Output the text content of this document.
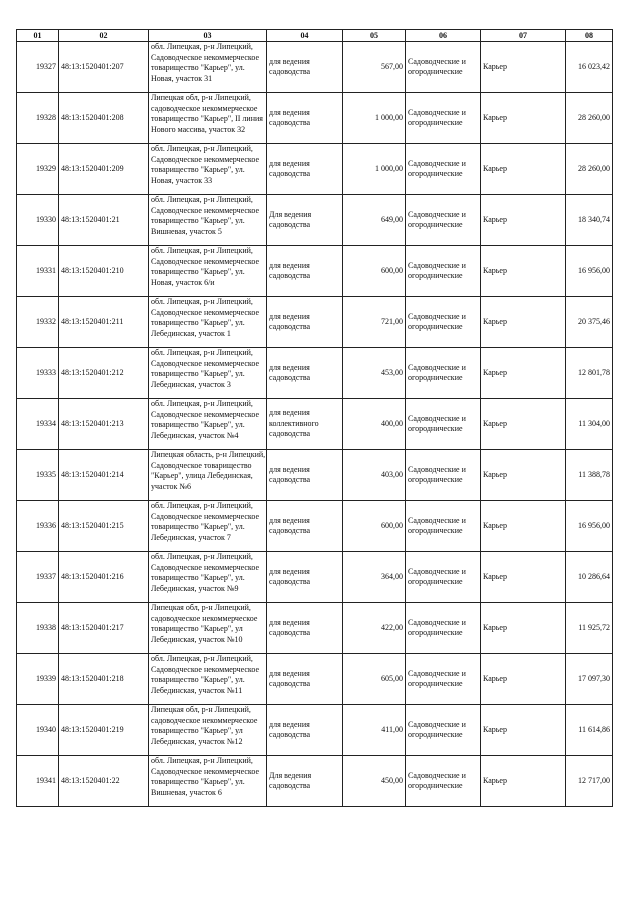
01	02	03	04	05	06	07	08
19327	48:13:1520401:207	обл. Липецкая, р-н Липецкий, Садоводческое некоммерческое товарищество "Карьер", ул. Новая, участок 31	для ведения садоводства	567,00	Садоводческие и огороднические	Карьер	16 023,42
19328	48:13:1520401:208	Липецкая обл, р-н Липецкий, садоводческое некоммерческое товарищество "Карьер", II линия Нового массива, участок 32	для ведения садоводства	1 000,00	Садоводческие и огороднические	Карьер	28 260,00
19329	48:13:1520401:209	обл. Липецкая, р-н Липецкий, Садоводческое некоммерческое товарищество "Карьер", ул. Новая, участок 33	для ведения садоводства	1 000,00	Садоводческие и огороднические	Карьер	28 260,00
19330	48:13:1520401:21	обл. Липецкая, р-н Липецкий, Садоводческое некоммерческое товарищество "Карьер", ул. Вишневая, участок 5	Для ведения садоводства	649,00	Садоводческие и огороднические	Карьер	18 340,74
19331	48:13:1520401:210	обл. Липецкая, р-н Липецкий, Садоводческое некоммерческое товарищество "Карьер", ул. Новая, участок 6/и	для ведения садоводства	600,00	Садоводческие и огороднические	Карьер	16 956,00
19332	48:13:1520401:211	обл. Липецкая, р-н Липецкий, Садоводческое некоммерческое товарищество "Карьер", ул. Лебединская, участок 1	для ведения садоводства	721,00	Садоводческие и огороднические	Карьер	20 375,46
19333	48:13:1520401:212	обл. Липецкая, р-н Липецкий, Садоводческое некоммерческое товарищество "Карьер", ул. Лебединская, участок 3	для ведения садоводства	453,00	Садоводческие и огороднические	Карьер	12 801,78
19334	48:13:1520401:213	обл. Липецкая, р-н Липецкий, Садоводческое некоммерческое товарищество "Карьер", ул. Лебединская, участок №4	для ведения коллективного садоводства	400,00	Садоводческие и огороднические	Карьер	11 304,00
19335	48:13:1520401:214	Липецкая область, р-н Липецкий, Садоводческое товарищество "Карьер", улица Лебединская, участок №6	для ведения садоводства	403,00	Садоводческие и огороднические	Карьер	11 388,78
19336	48:13:1520401:215	обл. Липецкая, р-н Липецкий, Садоводческое некоммерческое товарищество "Карьер", ул. Лебединская, участок 7	для ведения садоводства	600,00	Садоводческие и огороднические	Карьер	16 956,00
19337	48:13:1520401:216	обл. Липецкая, р-н Липецкий, Садоводческое некоммерческое товарищество "Карьер", ул. Лебединская, участок №9	для ведения садоводства	364,00	Садоводческие и огороднические	Карьер	10 286,64
19338	48:13:1520401:217	Липецкая обл, р-н Липецкий, садоводческое некоммерческое товарищество "Карьер", ул Лебединская, участок №10	для ведения садоводства	422,00	Садоводческие и огороднические	Карьер	11 925,72
19339	48:13:1520401:218	обл. Липецкая, р-н Липецкий, Садоводческое некоммерческое товарищество "Карьер", ул. Лебединская, участок №11	для ведения садоводства	605,00	Садоводческие и огороднические	Карьер	17 097,30
19340	48:13:1520401:219	Липецкая обл, р-н Липецкий, садоводческое некоммерческое товарищество "Карьер", ул Лебединская, участок №12	для ведения садоводства	411,00	Садоводческие и огороднические	Карьер	11 614,86
19341	48:13:1520401:22	обл. Липецкая, р-н Липецкий, Садоводческое некоммерческое товарищество "Карьер", ул. Вишневая, участок 6	Для ведения садоводства	450,00	Садоводческие и огороднические	Карьер	12 717,00
